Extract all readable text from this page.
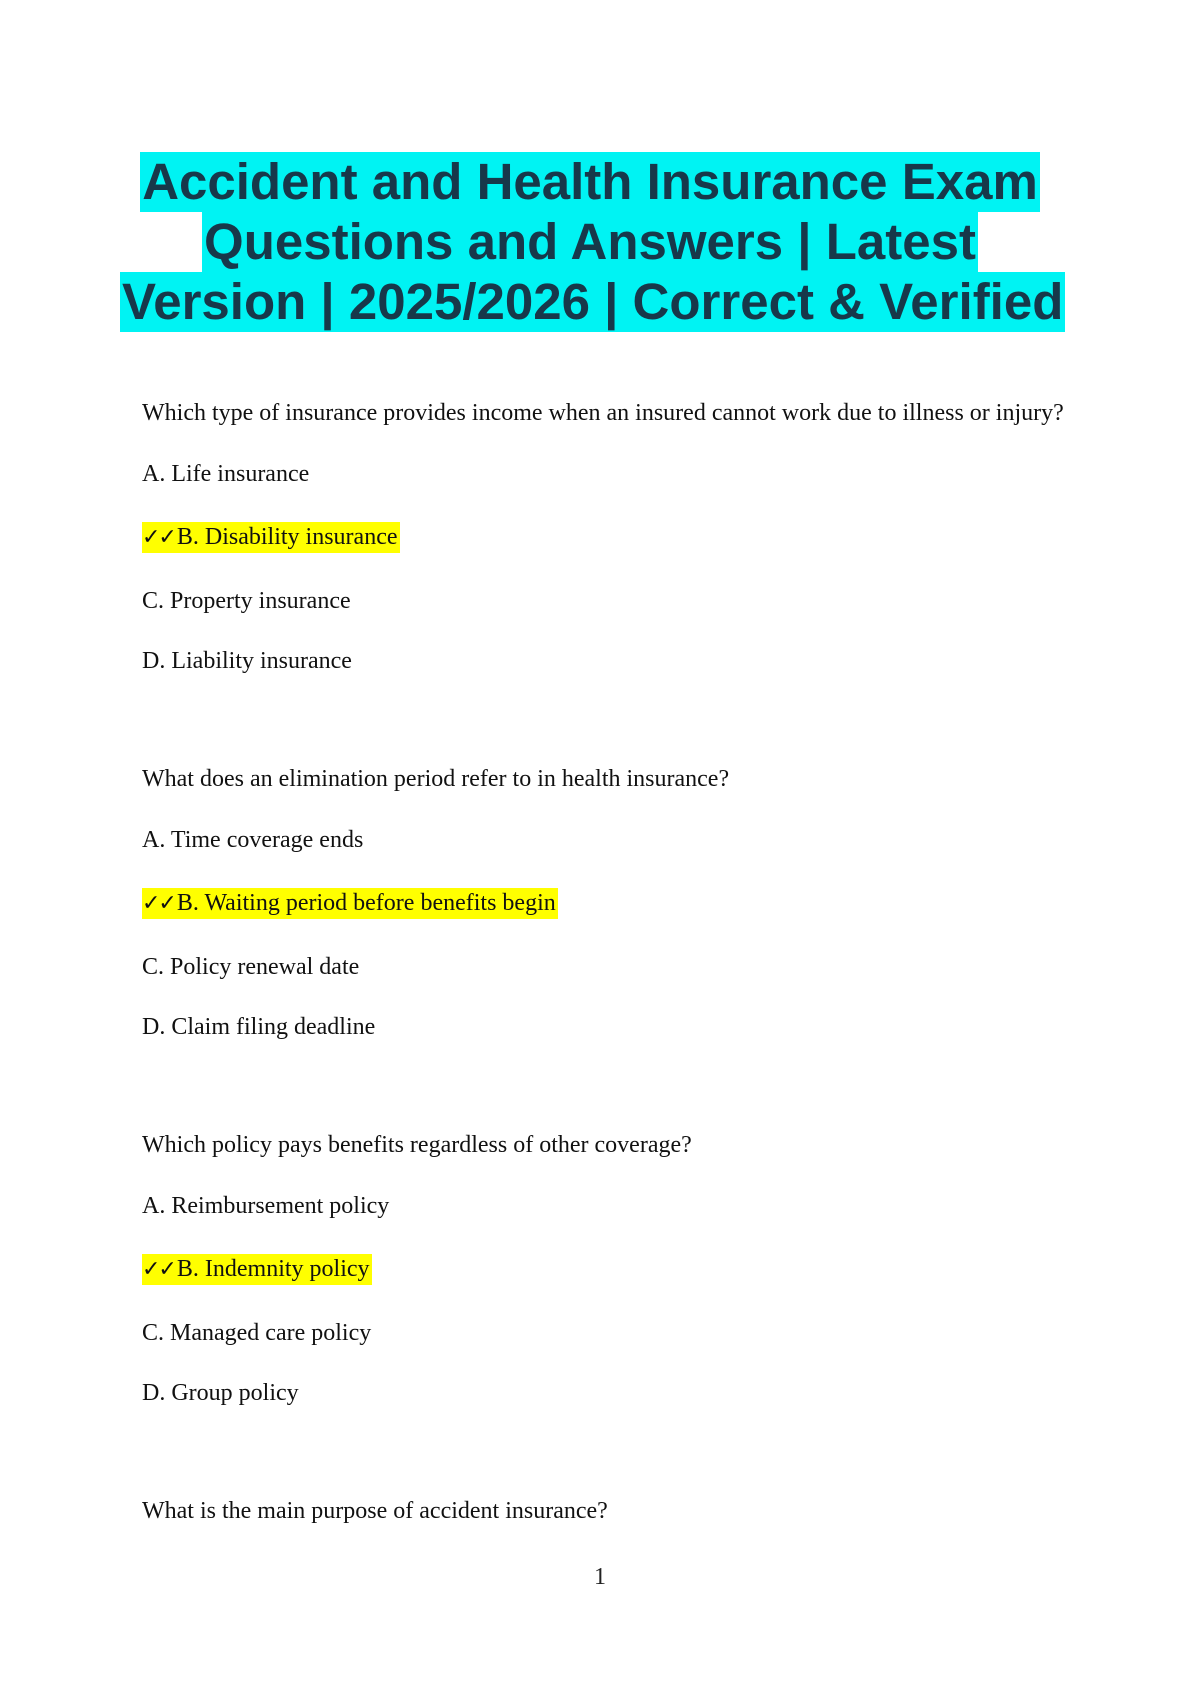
Accident and Health Insurance Exam
Questions and Answers | Latest
Version | 2025/2026 | Correct & Verified
Which type of insurance provides income when an insured cannot work due to illness or injury?
A. Life insurance
✓✓B. Disability insurance
C. Property insurance
D. Liability insurance
What does an elimination period refer to in health insurance?
A. Time coverage ends
✓✓B. Waiting period before benefits begin
C. Policy renewal date
D. Claim filing deadline
Which policy pays benefits regardless of other coverage?
A. Reimbursement policy
✓✓B. Indemnity policy
C. Managed care policy
D. Group policy
What is the main purpose of accident insurance?
1
